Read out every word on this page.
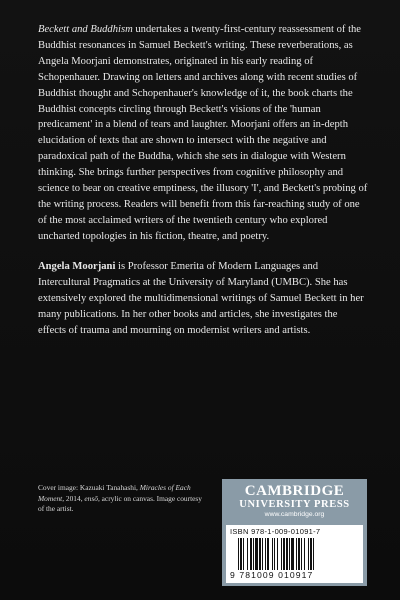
Beckett and Buddhism undertakes a twenty-first-century reassessment of the Buddhist resonances in Samuel Beckett's writing. These reverberations, as Angela Moorjani demonstrates, originated in his early reading of Schopenhauer. Drawing on letters and archives along with recent studies of Buddhist thought and Schopenhauer's knowledge of it, the book charts the Buddhist concepts circling through Beckett's visions of the 'human predicament' in a blend of tears and laughter. Moorjani offers an in-depth elucidation of texts that are shown to intersect with the negative and paradoxical path of the Buddha, which she sets in dialogue with Western thinking. She brings further perspectives from cognitive philosophy and science to bear on creative emptiness, the illusory 'I', and Beckett's probing of the writing process. Readers will benefit from this far-reaching study of one of the most acclaimed writers of the twentieth century who explored uncharted topologies in his fiction, theatre, and poetry.

Angela Moorjani is Professor Emerita of Modern Languages and Intercultural Pragmatics at the University of Maryland (UMBC). She has extensively explored the multidimensional writings of Samuel Beckett in her many publications. In her other books and articles, she investigates the effects of trauma and mourning on modernist writers and artists.
Cover image: Kazuaki Tanahashi, Miracles of Each Moment, 2014, ensō, acrylic on canvas. Image courtesy of the artist.
CAMBRIDGE
UNIVERSITY PRESS
www.cambridge.org
ISBN 978-1-009-01091-7
9 781009 010917
